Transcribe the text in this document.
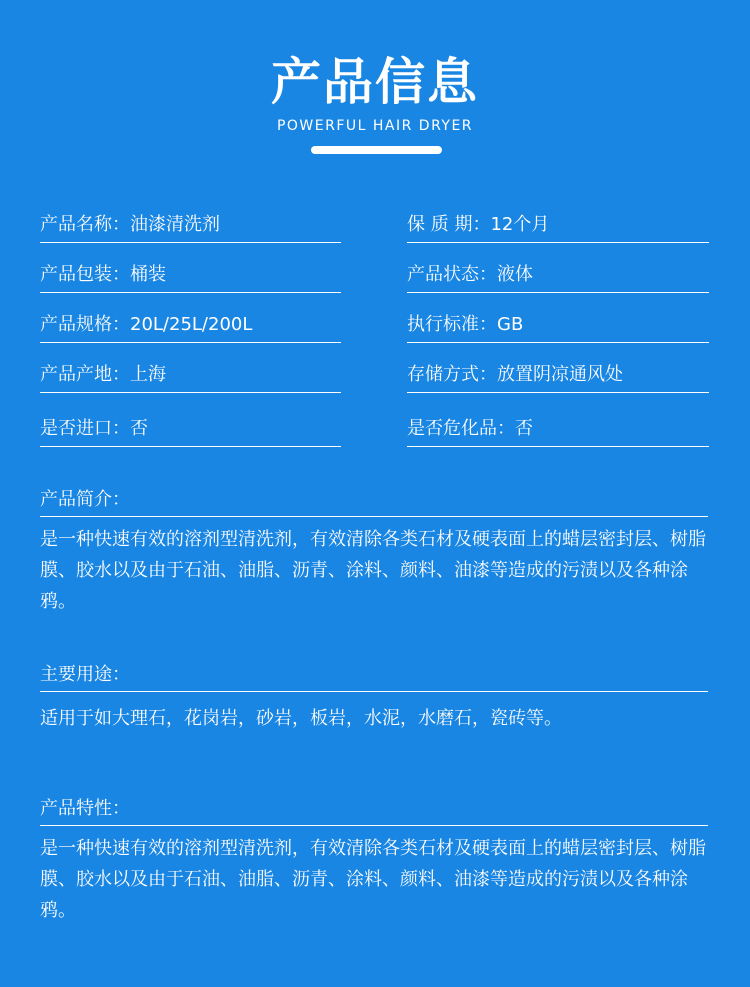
产品信息
POWERFUL HAIR DRYER
产品名称：油漆清洗剂	保 质 期：12个月
产品包装：桶装	产品状态：液体
产品规格：20L/25L/200L	执行标准：GB
产品产地：上海	存储方式：放置阴凉通风处
是否进口：否	是否危化品：否
产品简介：
是一种快速有效的溶剂型清洗剂，有效清除各类石材及硬表面上的蜡层密封层、树脂膜、胶水以及由于石油、油脂、沥青、涂料、颜料、油漆等造成的污渍以及各种涂鸦。
主要用途：
适用于如大理石，花岗岩，砂岩，板岩，水泥，水磨石，瓷砖等。
产品特性：
是一种快速有效的溶剂型清洗剂，有效清除各类石材及硬表面上的蜡层密封层、树脂膜、胶水以及由于石油、油脂、沥青、涂料、颜料、油漆等造成的污渍以及各种涂鸦。
